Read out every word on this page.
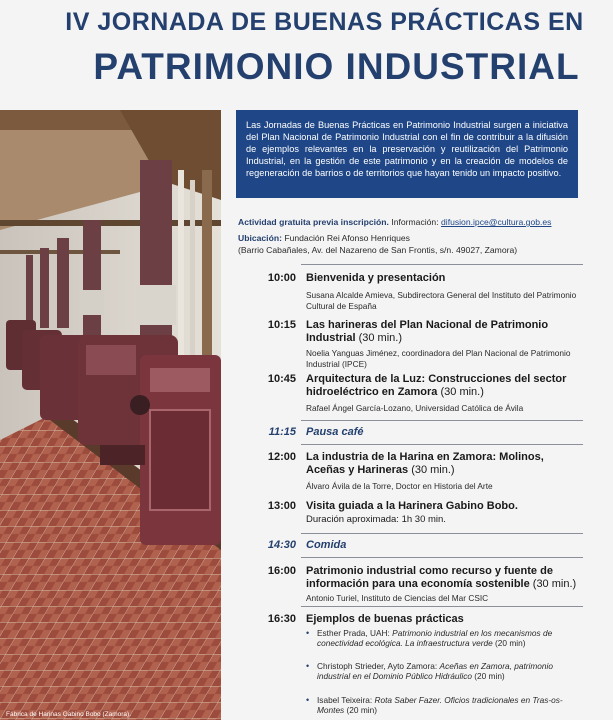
IV JORNADA DE BUENAS PRÁCTICAS EN
PATRIMONIO INDUSTRIAL
Fábrica de Harinas Gabino Bobo (Zamora).
Las Jornadas de Buenas Prácticas en Patrimonio Industrial surgen a iniciativa del Plan Nacional de Patrimonio Industrial con el fin de contribuir a la difusión de ejemplos relevantes en la preservación y reutilización del Patrimonio Industrial, en la gestión de este patrimonio y en la creación de modelos de regeneración de barrios o de territorios que hayan tenido un impacto positivo.
Actividad gratuita previa inscripción. Información: difusion.ipce@cultura.gob.es
Ubicación: Fundación Rei Afonso Henriques
(Barrio Cabañales, Av. del Nazareno de San Frontis, s/n. 49027, Zamora)
10:00 Bienvenida y presentación
Susana Alcalde Amieva, Subdirectora General del Instituto del Patrimonio Cultural de España
10:15 Las harineras del Plan Nacional de Patrimonio Industrial (30 min.)
Noelia Yanguas Jiménez, coordinadora del Plan Nacional de Patrimonio Industrial (IPCE)
10:45 Arquitectura de la Luz: Construcciones del sector hidroeléctrico en Zamora (30 min.)
Rafael Ángel García-Lozano, Universidad Católica de Ávila
11:15 Pausa café
12:00 La industria de la Harina en Zamora: Molinos, Aceñas y Harineras (30 min.)
Álvaro Ávila de la Torre, Doctor en Historia del Arte
13:00 Visita guiada a la Harinera Gabino Bobo.
Duración aproximada: 1h 30 min.
14:30 Comida
16:00 Patrimonio industrial como recurso y fuente de información para una economía sostenible (30 min.)
Antonio Turiel, Instituto de Ciencias del Mar CSIC
16:30 Ejemplos de buenas prácticas
• Esther Prada, UAH: Patrimonio industrial en los mecanismos de conectividad ecológica. La infraestructura verde (20 min)
• Christoph Strieder, Ayto Zamora: Aceñas en Zamora, patrimonio industrial en el Dominio Público Hidráulico (20 min)
• Isabel Teixeira: Rota Saber Fazer. Oficios tradicionales en Tras-os-Montes (20 min)
